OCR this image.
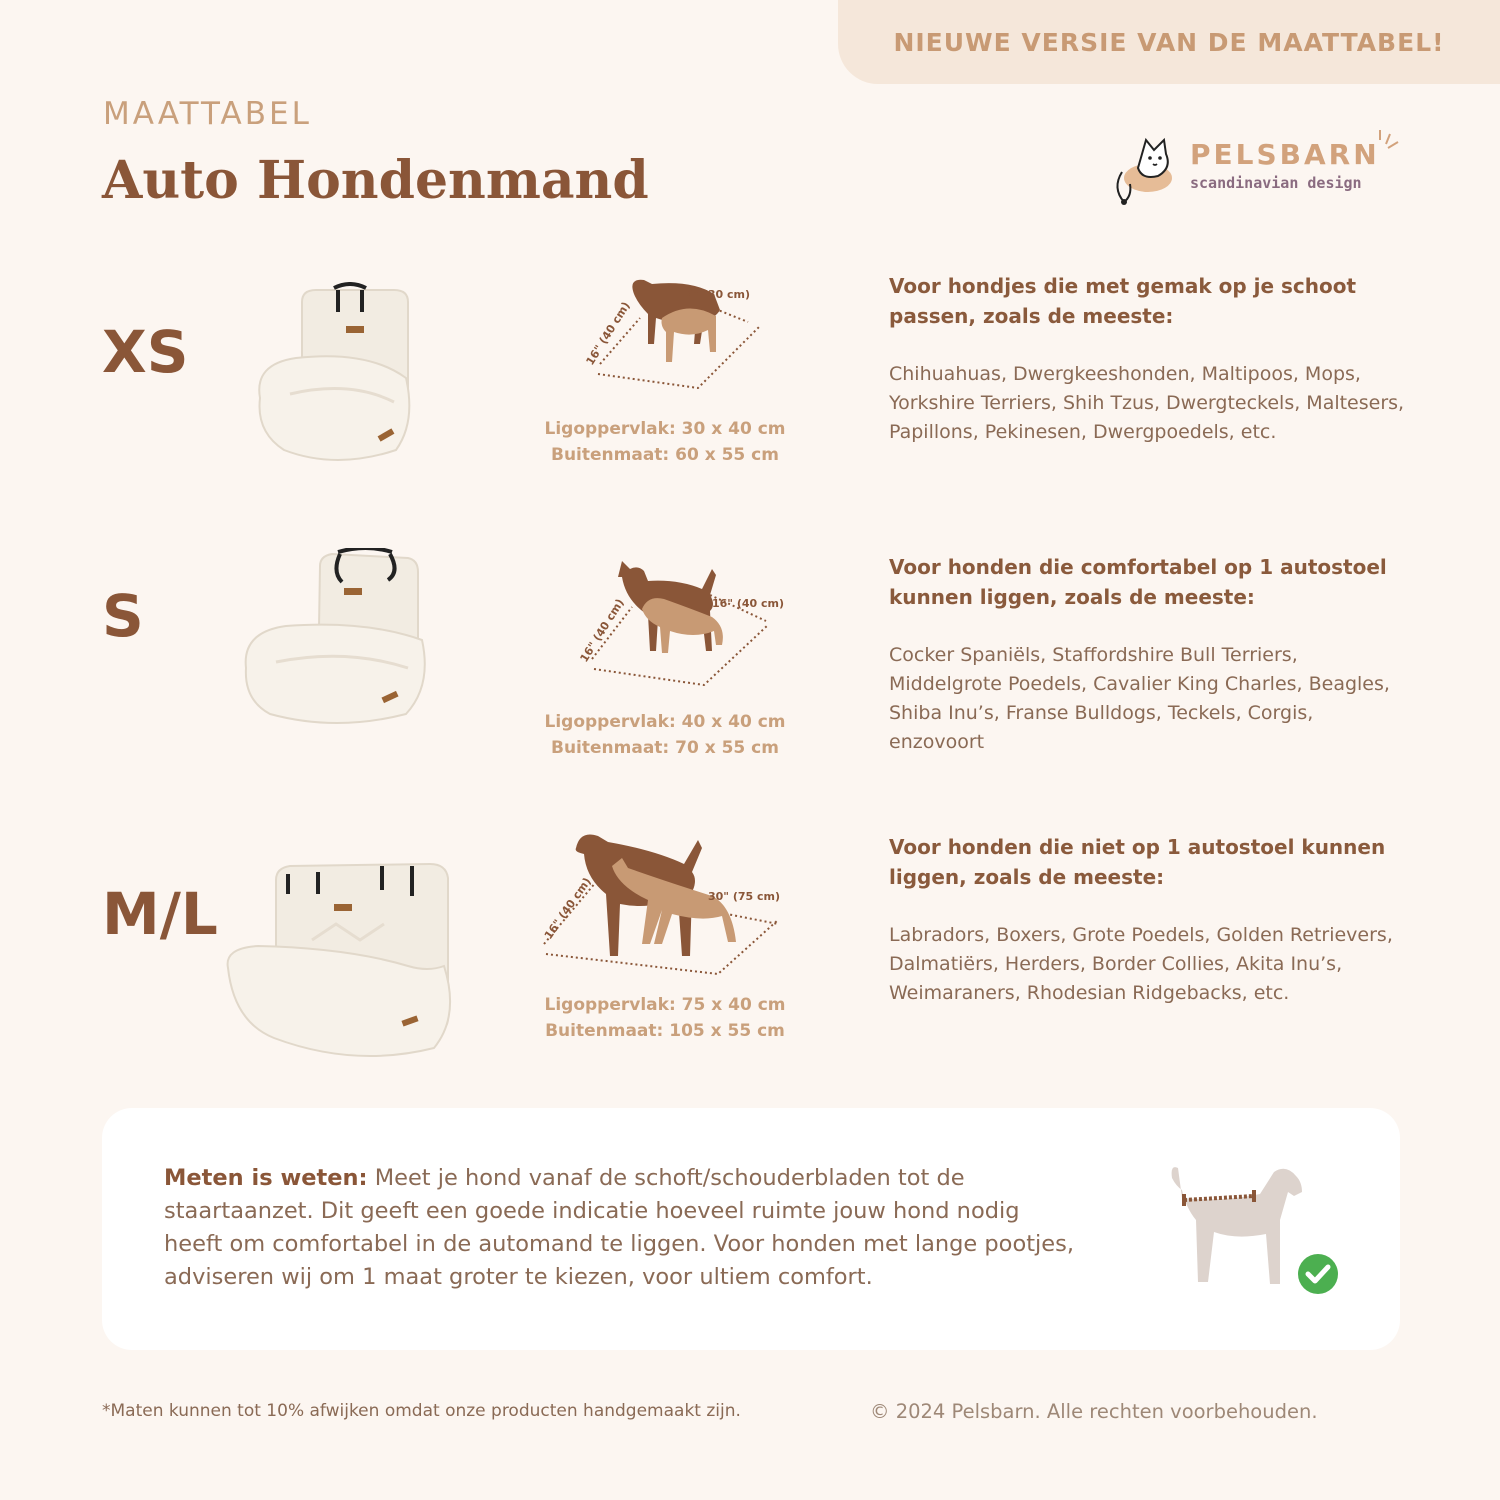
NIEUWE VERSIE VAN DE MAATTABEL!
MAATTABEL
Auto Hondenmand	PELSBARN
scandinavian design
XS
12" (30 cm)
16" (40 cm)
Ligoppervlak: 30 x 40 cm
Buitenmaat: 60 x 55 cm
Voor hondjes die met gemak op je schoot passen, zoals de meeste:
Chihuahuas, Dwergkeeshonden, Maltipoos, Mops, Yorkshire Terriers, Shih Tzus, Dwergteckels, Maltesers, Papillons, Pekinesen, Dwergpoedels, etc.
S	16" (40 cm)
16" (40 cm)
Ligoppervlak: 40 x 40 cm
Buitenmaat: 70 x 55 cm
Voor honden die comfortabel op 1 autostoel kunnen liggen, zoals de meeste:
Cocker Spaniëls, Staffordshire Bull Terriers, Middelgrote Poedels, Cavalier King Charles, Beagles, Shiba Inu’s, Franse Bulldogs, Teckels, Corgis, enzovoort
M/L	30" (75 cm)
16" (40 cm)
Ligoppervlak: 75 x 40 cm
Buitenmaat: 105 x 55 cm
Voor honden die niet op 1 autostoel kunnen liggen, zoals de meeste:
Labradors, Boxers, Grote Poedels, Golden Retrievers, Dalmatiërs, Herders, Border Collies, Akita Inu’s, Weimaraners, Rhodesian Ridgebacks, etc.
Meten is weten: Meet je hond vanaf de schoft/schouderbladen tot de staartaanzet. Dit geeft een goede indicatie hoeveel ruimte jouw hond nodig heeft om comfortabel in de automand te liggen. Voor honden met lange pootjes, adviseren wij om 1 maat groter te kiezen, voor ultiem comfort.
*Maten kunnen tot 10% afwijken omdat onze producten handgemaakt zijn.	© 2024 Pelsbarn. Alle rechten voorbehouden.
